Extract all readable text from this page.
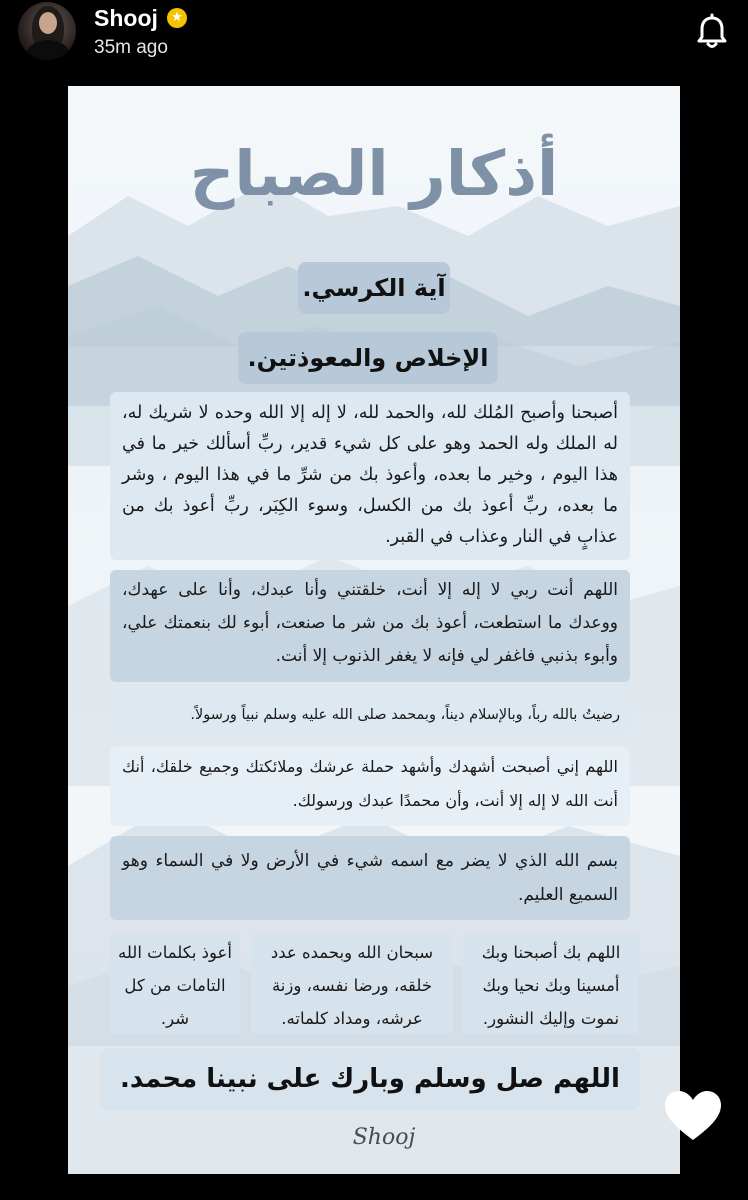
Shooj	★
35m ago
أذكار الصباح
آية الكرسي.
الإخلاص والمعوذتين.
أصبحنا وأصبح المُلك لله، والحمد لله، لا إله إلا الله وحده لا شريك له، له الملك وله الحمد وهو على كل شيء قدير، ربِّ أسألك خير ما في هذا اليوم ، وخير ما بعده، وأعوذ بك من شرِّ ما في هذا اليوم ، وشر ما بعده، ربِّ أعوذ بك من الكسل، وسوء الكِبَر، ربِّ أعوذ بك من عذابٍ في النار وعذاب في القبر.
اللهم أنت ربي لا إله إلا أنت، خلقتني وأنا عبدك، وأنا على عهدك، ووعدك ما استطعت، أعوذ بك من شر ما صنعت، أبوء لك بنعمتك علي، وأبوء بذنبي فاغفر لي فإنه لا يغفر الذنوب إلا أنت.
رضيتُ بالله رباً، وبالإسلام ديناً، وبمحمد صلى الله عليه وسلم نبياً ورسولاً.
اللهم إني أصبحت أشهدك وأشهد حملة عرشك وملائكتك وجميع خلقك، أنك أنت الله لا إله إلا أنت، وأن محمدًا عبدك ورسولك.
بسم الله الذي لا يضر مع اسمه شيء في الأرض ولا في السماء وهو السميع العليم.
اللهم بك أصبحنا وبك أمسينا وبك نحيا وبك نموت وإليك النشور.
سبحان الله وبحمده عدد خلقه، ورضا نفسه، وزنة عرشه، ومداد كلماته.
أعوذ بكلمات الله التامات من كل شر.
اللهم صل وسلم وبارك على نبينا محمد.
Shooj
